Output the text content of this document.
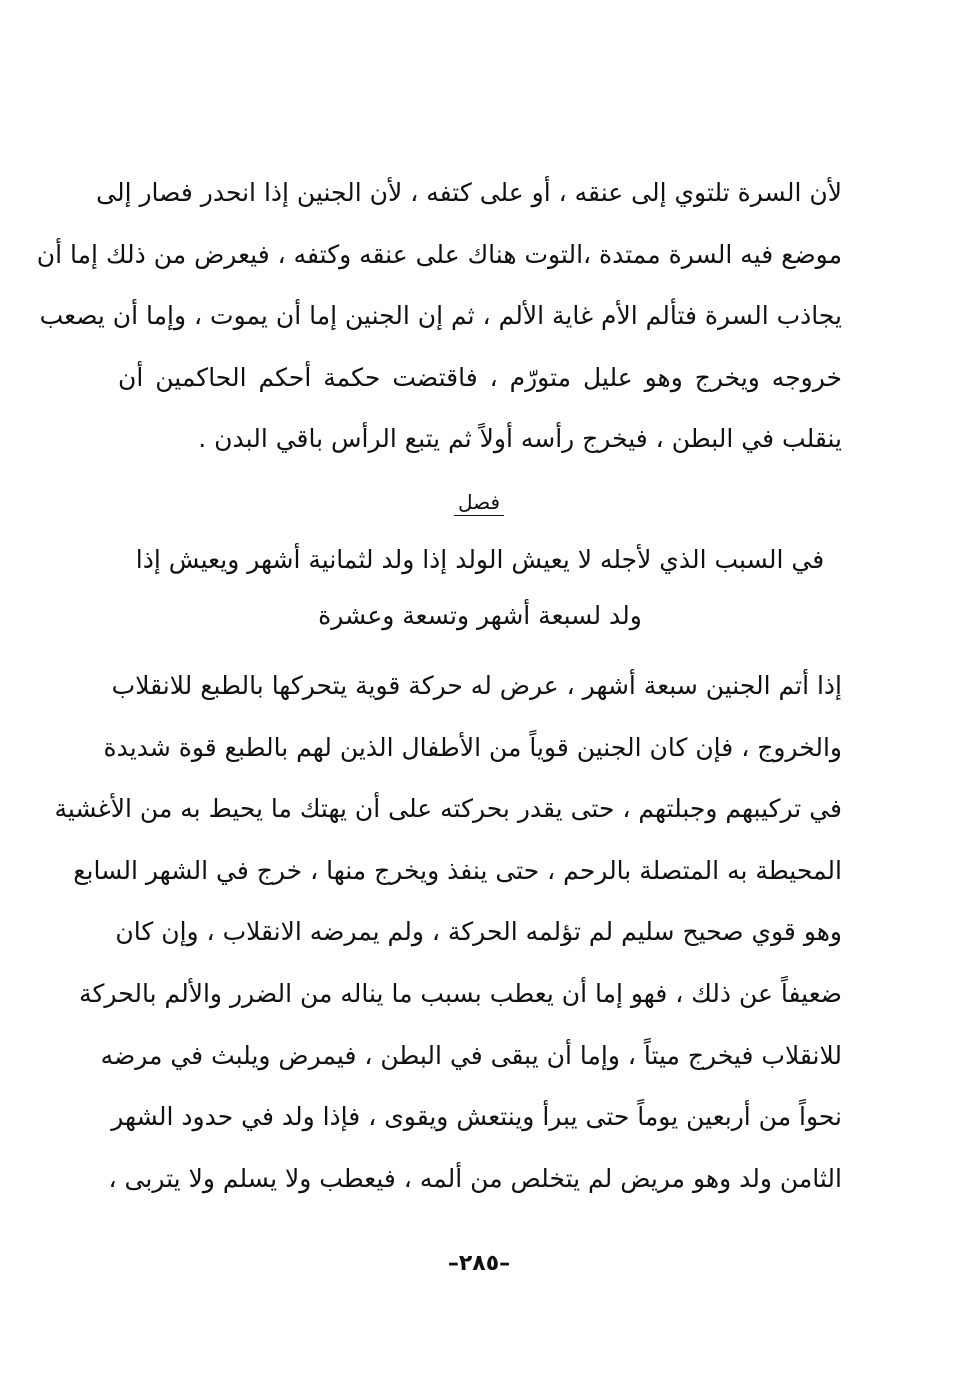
لأن السرة تلتوي إلى عنقه ، أو على كتفه ، لأن الجنين إذا انحدر فصار إلى
موضع فيه السرة ممتدة ،التوت هناك على عنقه وكتفه ، فيعرض من ذلك إما أن
يجاذب السرة فتألم الأم غاية الألم ، ثم إن الجنين إما أن يموت ، وإما أن يصعب
خروجه ويخرج وهو عليل متورّم ، فاقتضت حكمة أحكم الحاكمين أن
ينقلب في البطن ، فيخرج رأسه أولاً ثم يتبع الرأس باقي البدن .
فصل
في السبب الذي لأجله لا يعيش الولد إذا ولد لثمانية أشهر ويعيش إذا
ولد لسبعة أشهر وتسعة وعشرة
إذا أتم الجنين سبعة أشهر ، عرض له حركة قوية يتحركها بالطبع للانقلاب
والخروج ، فإن كان الجنين قوياً من الأطفال الذين لهم بالطبع قوة شديدة
في تركيبهم وجبلتهم ، حتى يقدر بحركته على أن يهتك ما يحيط به من الأغشية
المحيطة به المتصلة بالرحم ، حتى ينفذ ويخرج منها ، خرج في الشهر السابع
وهو قوي صحيح سليم لم تؤلمه الحركة ، ولم يمرضه الانقلاب ، وإن كان
ضعيفاً عن ذلك ، فهو إما أن يعطب بسبب ما يناله من الضرر والألم بالحركة
للانقلاب فيخرج ميتاً ، وإما أن يبقى في البطن ، فيمرض ويلبث في مرضه
نحواً من أربعين يوماً حتى يبرأ وينتعش ويقوى ، فإذا ولد في حدود الشهر
الثامن ولد وهو مريض لم يتخلص من ألمه ، فيعطب ولا يسلم ولا يتربى ،
–٢٨٥–
